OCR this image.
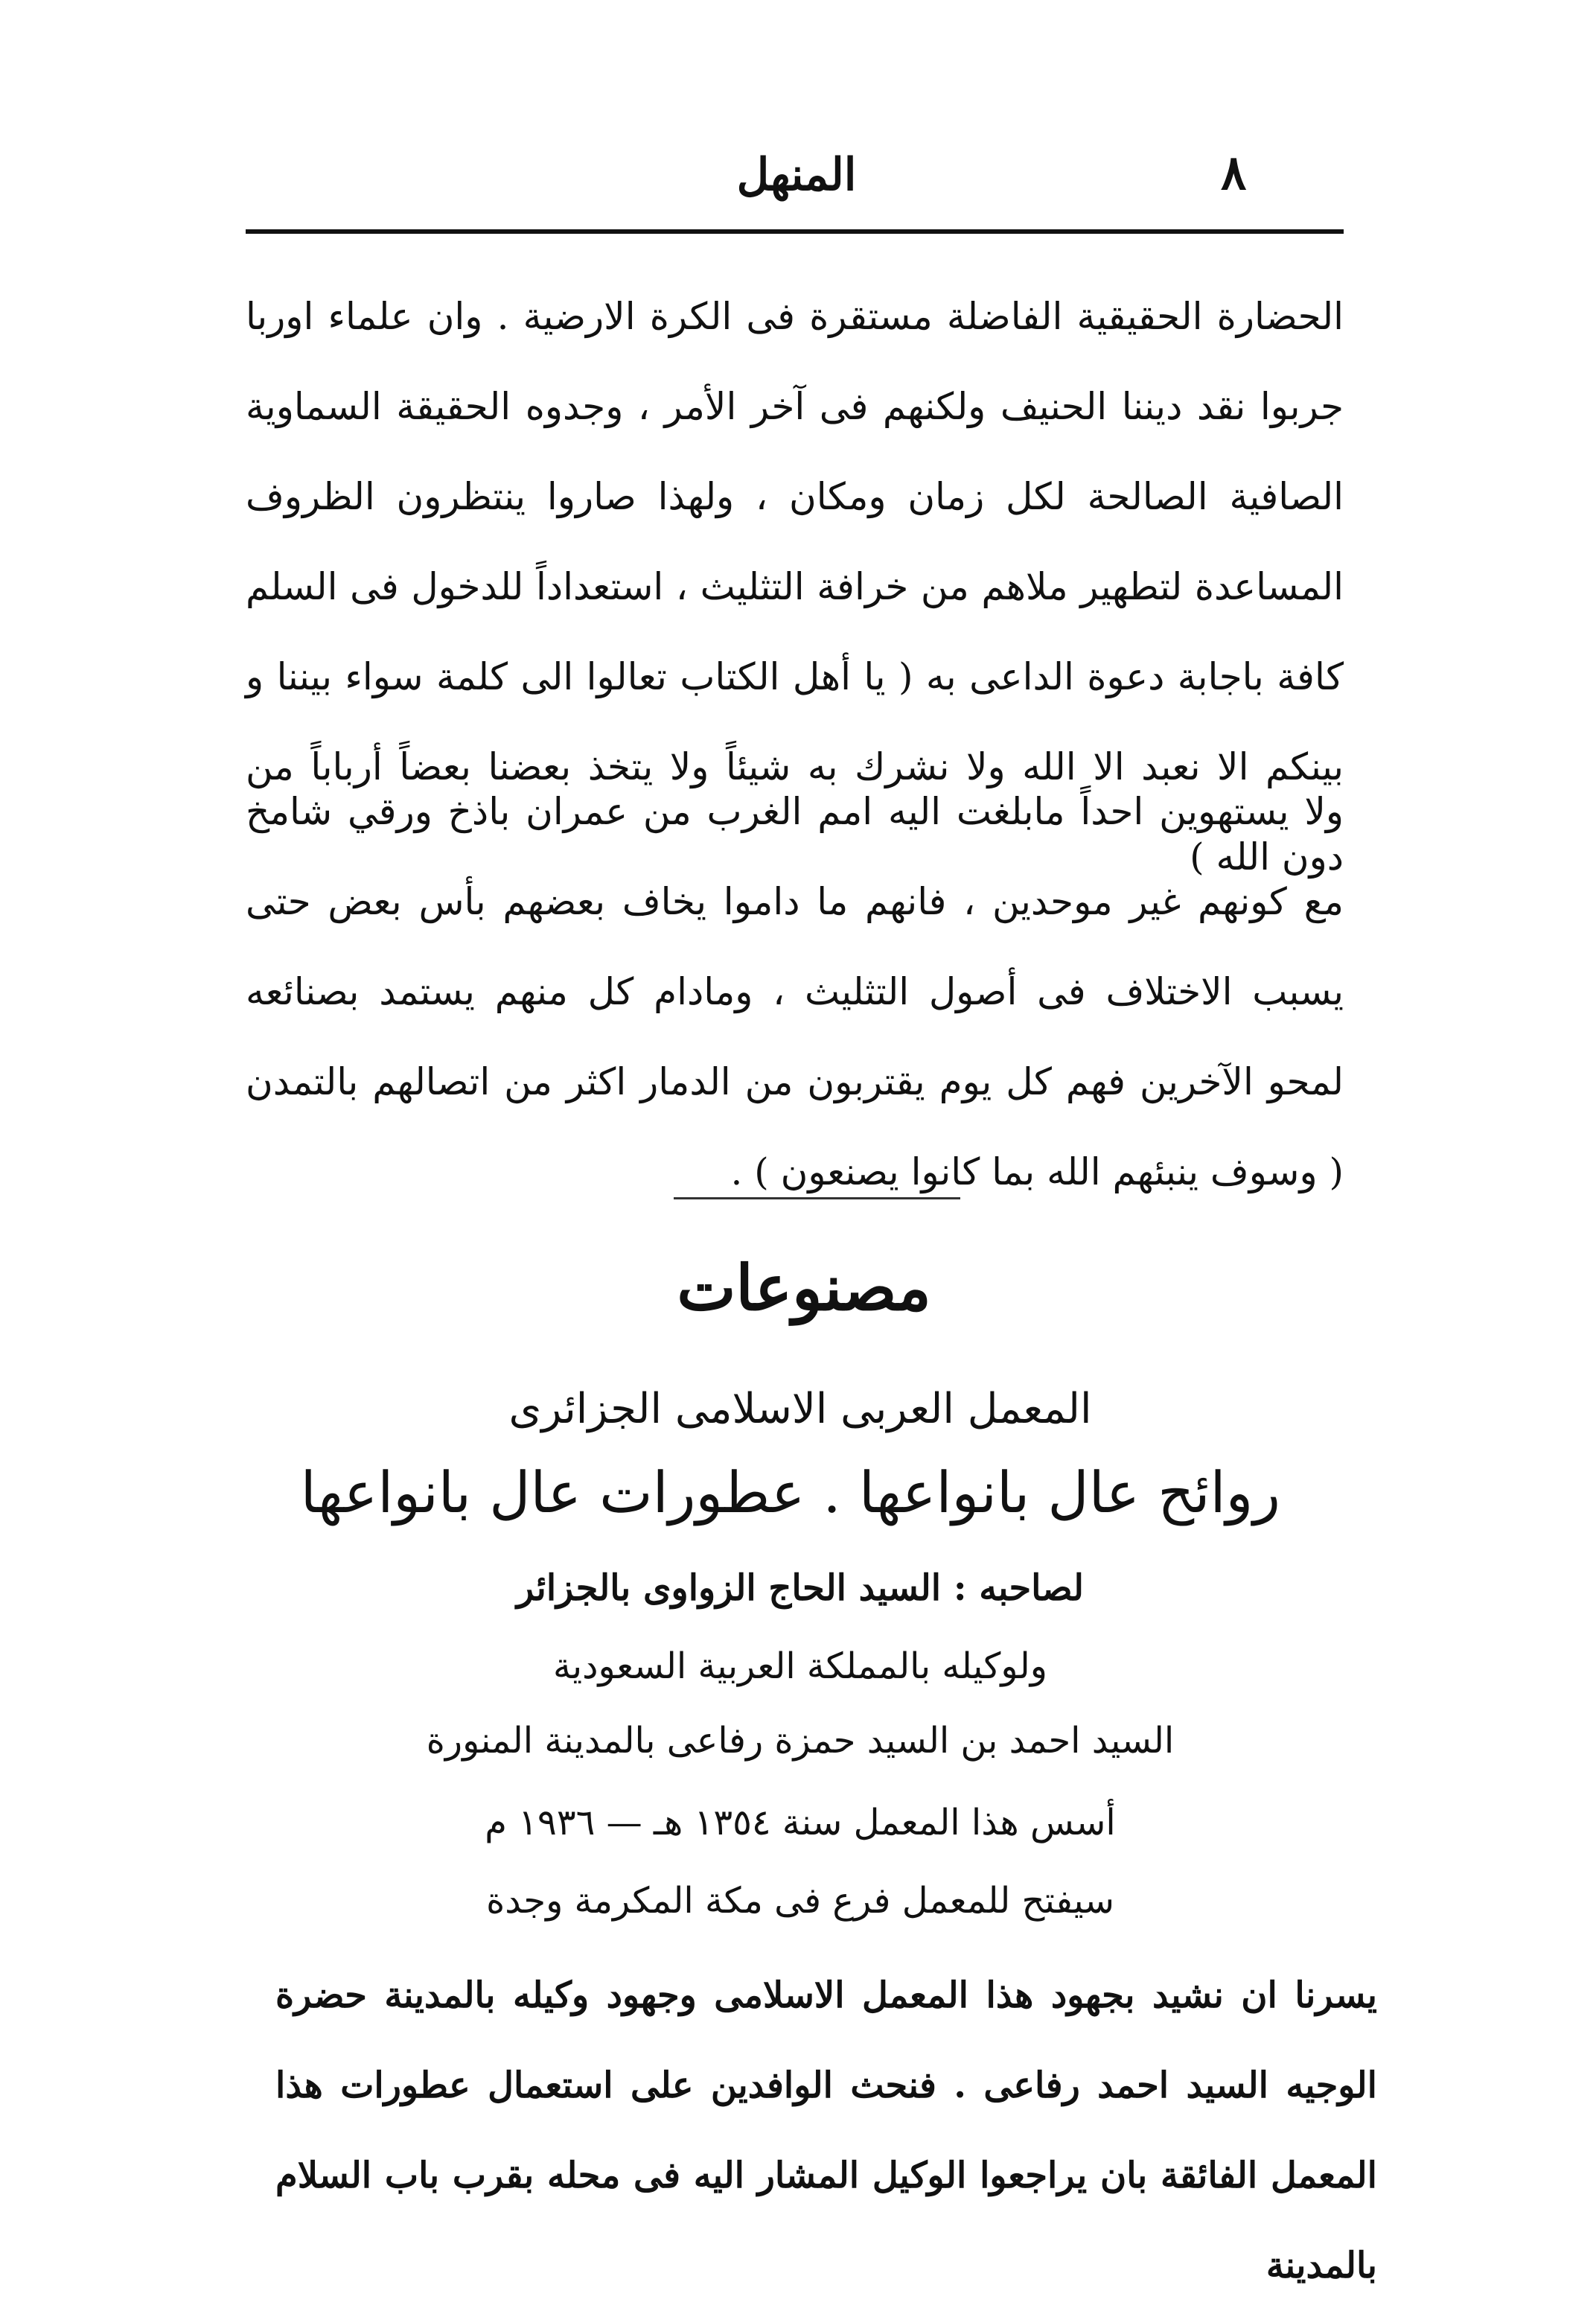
٨
المنهل

الحضارة الحقيقية الفاضلة مستقرة فى الكرة الارضية . وان علماء اوربا جربوا نقد ديننا الحنيف ولكنهم فى آخر الأمر ، وجدوه الحقيقة السماوية الصافية الصالحة لكل زمان ومكان ، ولهذا صاروا ينتظرون الظروف المساعدة لتطهير ملاهم من خرافة التثليث ، استعداداً للدخول فى السلم كافة باجابة دعوة الداعى به ( يا أهل الكتاب تعالوا الى كلمة سواء بيننا و بينكم الا نعبد الا الله ولا نشرك به شيئاً ولا يتخذ بعضنا بعضاً أرباباً من دون الله )

ولا يستهوين احداً مابلغت اليه امم الغرب من عمران باذخ ورقي شامخ مع كونهم غير موحدين ، فانهم ما داموا يخاف بعضهم بأس بعض حتى يسبب الاختلاف فى أصول التثليث ، ومادام كل منهم يستمد بصنائعه لمحو الآخرين فهم كل يوم يقتربون من الدمار اكثر من اتصالهم بالتمدن ( وسوف ينبئهم الله بما كانوا يصنعون ) .

مصنوعات
المعمل العربى الاسلامى الجزائرى
روائح عال بانواعها . عطورات عال بانواعها
لصاحبه : السيد الحاج الزواوى بالجزائر
ولوكيله بالمملكة العربية السعودية
السيد احمد بن السيد حمزة رفاعى بالمدينة المنورة
أسس هذا المعمل سنة ١٣٥٤ هـ — ١٩٣٦ م
سيفتح للمعمل فرع فى مكة المكرمة وجدة

يسرنا ان نشيد بجهود هذا المعمل الاسلامى وجهود وكيله بالمدينة حضرة الوجيه السيد احمد رفاعى . فنحث الوافدين على استعمال عطورات هذا المعمل الفائقة بان يراجعوا الوكيل المشار اليه فى محله بقرب باب السلام بالمدينة
